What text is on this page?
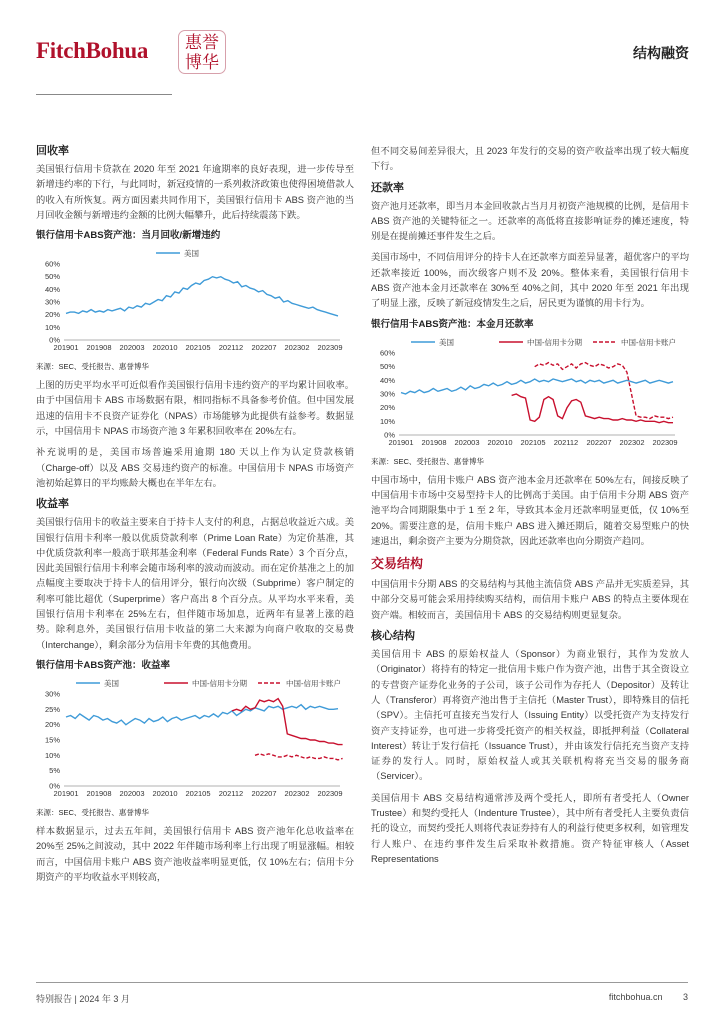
FitchBohua	惠誉
博华	结构融资
回收率

美国银行信用卡贷款在 2020 年至 2021 年逾期率的良好表现，进一步传导至新增违约率的下行，与此同时，新冠疫情的一系列救济政策也使得困境借款人的收入有所恢复。两方面因素共同作用下，美国银行信用卡 ABS 资产池的当月回收金额与新增违约金额的比例大幅攀升，此后持续震荡下跌。

银行信用卡ABS资产池：当月回收/新增违约
美国
0%
10%
20%
30%
40%
50%
60%
201901 201908 202003 202010 202105 202112 202207 202302 202309
来源：SEC、受托报告、惠誉博华

上图的历史平均水平可近似看作美国银行信用卡违约资产的平均累计回收率。由于中国信用卡 ABS 市场数据有限，相同指标不具备参考价值。但中国发展迅速的信用卡不良资产证券化（NPAS）市场能够为此提供有益参考。数据显示，中国信用卡 NPAS 市场资产池 3 年累积回收率在 20%左右。

补充说明的是，美国市场普遍采用逾期 180 天以上作为认定贷款核销（Charge-off）以及 ABS 交易违约资产的标准。中国信用卡 NPAS 市场资产池初始起算日的平均账龄大概也在半年左右。

收益率

美国银行信用卡的收益主要来自于持卡人支付的利息，占据总收益近六成。美国银行信用卡利率一般以优质贷款利率（Prime Loan Rate）为定价基准，其中优质贷款利率一般高于联邦基金利率（Federal Funds Rate）3 个百分点，因此美国银行信用卡利率会随市场利率的波动而波动。而在定价基准之上的加点幅度主要取决于持卡人的信用评分，银行向次级（Subprime）客户制定的利率可能比超优（Superprime）客户高出 8 个百分点。从平均水平来看，美国银行信用卡利率在 25%左右，但伴随市场加息，近两年有显著上涨的趋势。除利息外，美国银行信用卡收益的第二大来源为向商户收取的交易费（Interchange），剩余部分为信用卡年费的其他费用。

银行信用卡ABS资产池：收益率
美国	中国-信用卡分期	中国-信用卡账户
0%
5%
10%
15%
20%
25%
30%
201901 201908 202003 202010 202105 202112 202207 202302 202309
来源：SEC、受托报告、惠誉博华

样本数据显示，过去五年间，美国银行信用卡 ABS 资产池年化总收益率在 20%至 25%之间波动，其中 2022 年伴随市场利率上行出现了明显涨幅。相较而言，中国信用卡账户 ABS 资产池收益率明显更低，仅 10%左右；信用卡分期资产的平均收益水平则较高，

但不同交易间差异很大，且 2023 年发行的交易的资产收益率出现了较大幅度下行。

还款率

资产池月还款率，即当月本金回收款占当月月初资产池规模的比例，是信用卡 ABS 资产池的关键特征之一。还款率的高低将直接影响证券的摊还速度，特别是在提前摊还事件发生之后。

美国市场中，不同信用评分的持卡人在还款率方面差异显著，超优客户的平均还款率接近 100%，而次级客户则不及 20%。整体来看，美国银行信用卡 ABS 资产池本金月还款率在 30%至 40%之间，其中 2020 年至 2021 年出现了明显上涨，反映了新冠疫情发生之后，居民更为谨慎的用卡行为。

银行信用卡ABS资产池：本金月还款率
美国	中国-信用卡分期	中国-信用卡账户
0%
10%
20%
30%
40%
50%
60%
201901 201908 202003 202010 202105 202112 202207 202302 202309
来源：SEC、受托报告、惠誉博华

中国市场中，信用卡账户 ABS 资产池本金月还款率在 50%左右，间接反映了中国信用卡市场中交易型持卡人的比例高于美国。由于信用卡分期 ABS 资产池平均合同期限集中于 1 至 2 年，导致其本金月还款率明显更低，仅 10%至 20%。需要注意的是，信用卡账户 ABS 进入摊还期后，随着交易型账户的快速退出，剩余资产主要为分期贷款，因此还款率也向分期资产趋同。

交易结构

中国信用卡分期 ABS 的交易结构与其他主流信贷 ABS 产品并无实质差异，其中部分交易可能会采用持续购买结构，而信用卡账户 ABS 的特点主要体现在资产端。相较而言，美国信用卡 ABS 的交易结构则更显复杂。

核心结构

美国信用卡 ABS 的原始权益人（Sponsor）为商业银行，其作为发放人（Originator）将持有的特定一批信用卡账户作为资产池，出售于其全资设立的专营资产证券化业务的子公司，该子公司作为存托人（Depositor）及转让人（Transferor）再将资产池出售于主信托（Master Trust），即特殊目的信托（SPV）。主信托可直接充当发行人（Issuing Entity）以受托资产为支持发行资产支持证券，也可进一步将受托资产的相关权益，即抵押利益（Collateral Interest）转让于发行信托（Issuance Trust），并由该发行信托充当资产支持证券的发行人。同时，原始权益人或其关联机构将充当交易的服务商（Servicer）。

美国信用卡 ABS 交易结构通常涉及两个受托人，即所有者受托人（Owner Trustee）和契约受托人（Indenture Trustee），其中所有者受托人主要负责信托的设立，而契约受托人则将代表证券持有人的利益行使更多权利，如管理发行人账户、在违约事件发生后采取补救措施。资产特征审核人（Asset Representations

特别报告 | 2024 年 3 月	fitchbohua.cn 3
